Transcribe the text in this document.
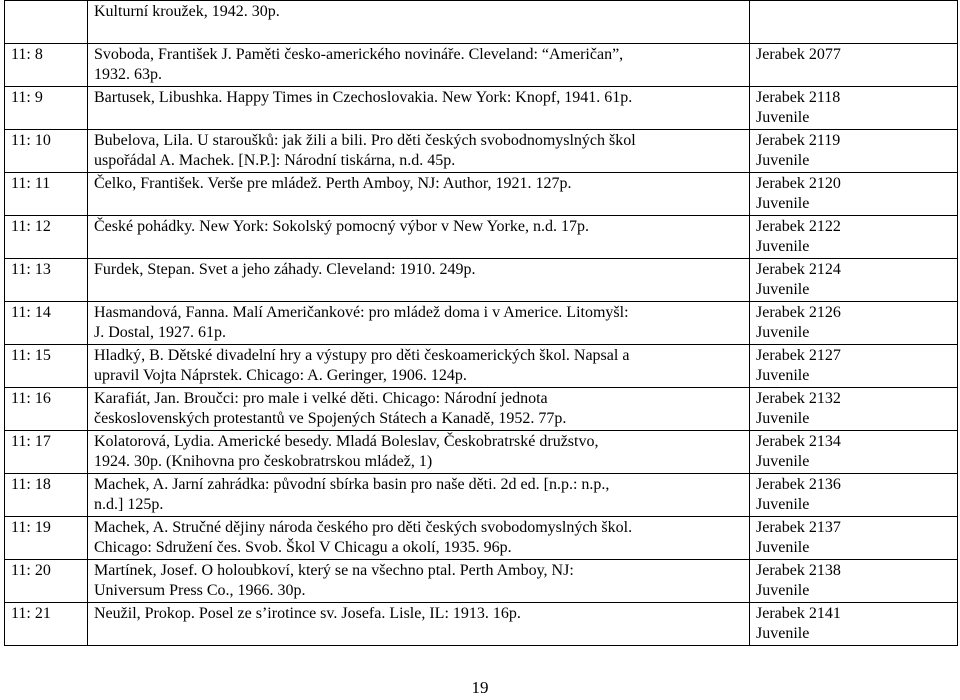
	Kulturní kroužek, 1942. 30p.	

11: 8	Svoboda, František J. Paměti česko-amerického novináře. Cleveland: “Američan”,
1932. 63p.	Jerabek 2077

11: 9	Bartusek, Libushka. Happy Times in Czechoslovakia. New York: Knopf, 1941. 61p.	Jerabek 2118
Juvenile

11: 10	Bubelova, Lila. U staroušků: jak žili a bili. Pro děti českých svobodnomyslných škol
uspořádal A. Machek. [N.P.]: Národní tiskárna, n.d. 45p.	Jerabek 2119
Juvenile

11: 11	Čelko, František. Verše pre mládež. Perth Amboy, NJ: Author, 1921. 127p.	Jerabek 2120
Juvenile

11: 12	České pohádky. New York: Sokolský pomocný výbor v New Yorke, n.d. 17p.	Jerabek 2122
Juvenile

11: 13	Furdek, Stepan. Svet a jeho záhady. Cleveland: 1910. 249p.	Jerabek 2124
Juvenile

11: 14	Hasmandová, Fanna. Malí Američankové: pro mládež doma i v Americe. Litomyšl:
J. Dostal, 1927. 61p.	Jerabek 2126
Juvenile

11: 15	Hladký, B. Dětské divadelní hry a výstupy pro děti českoamerických škol. Napsal a
upravil Vojta Náprstek. Chicago: A. Geringer, 1906. 124p.	Jerabek 2127
Juvenile

11: 16	Karafiát, Jan. Broučci: pro male i velké děti. Chicago: Národní jednota
československých protestantů ve Spojených Státech a Kanadě, 1952. 77p.	Jerabek 2132
Juvenile

11: 17	Kolatorová, Lydia. Americké besedy. Mladá Boleslav, Českobratrské družstvo,
1924. 30p. (Knihovna pro českobratrskou mládež, 1)	Jerabek 2134
Juvenile

11: 18	Machek, A. Jarní zahrádka: původní sbírka basin pro naše děti. 2d ed. [n.p.: n.p.,
n.d.] 125p.	Jerabek 2136
Juvenile

11: 19	Machek, A. Stručné dějiny národa českého pro děti českých svobodomyslných škol.
Chicago: Sdružení čes. Svob. Škol V Chicagu a okolí, 1935. 96p.	Jerabek 2137
Juvenile

11: 20	Martínek, Josef. O holoubkoví, který se na všechno ptal. Perth Amboy, NJ:
Universum Press Co., 1966. 30p.	Jerabek 2138
Juvenile

11: 21	Neužil, Prokop. Posel ze s’irotince sv. Josefa. Lisle, IL: 1913. 16p.	Jerabek 2141
Juvenile
19
